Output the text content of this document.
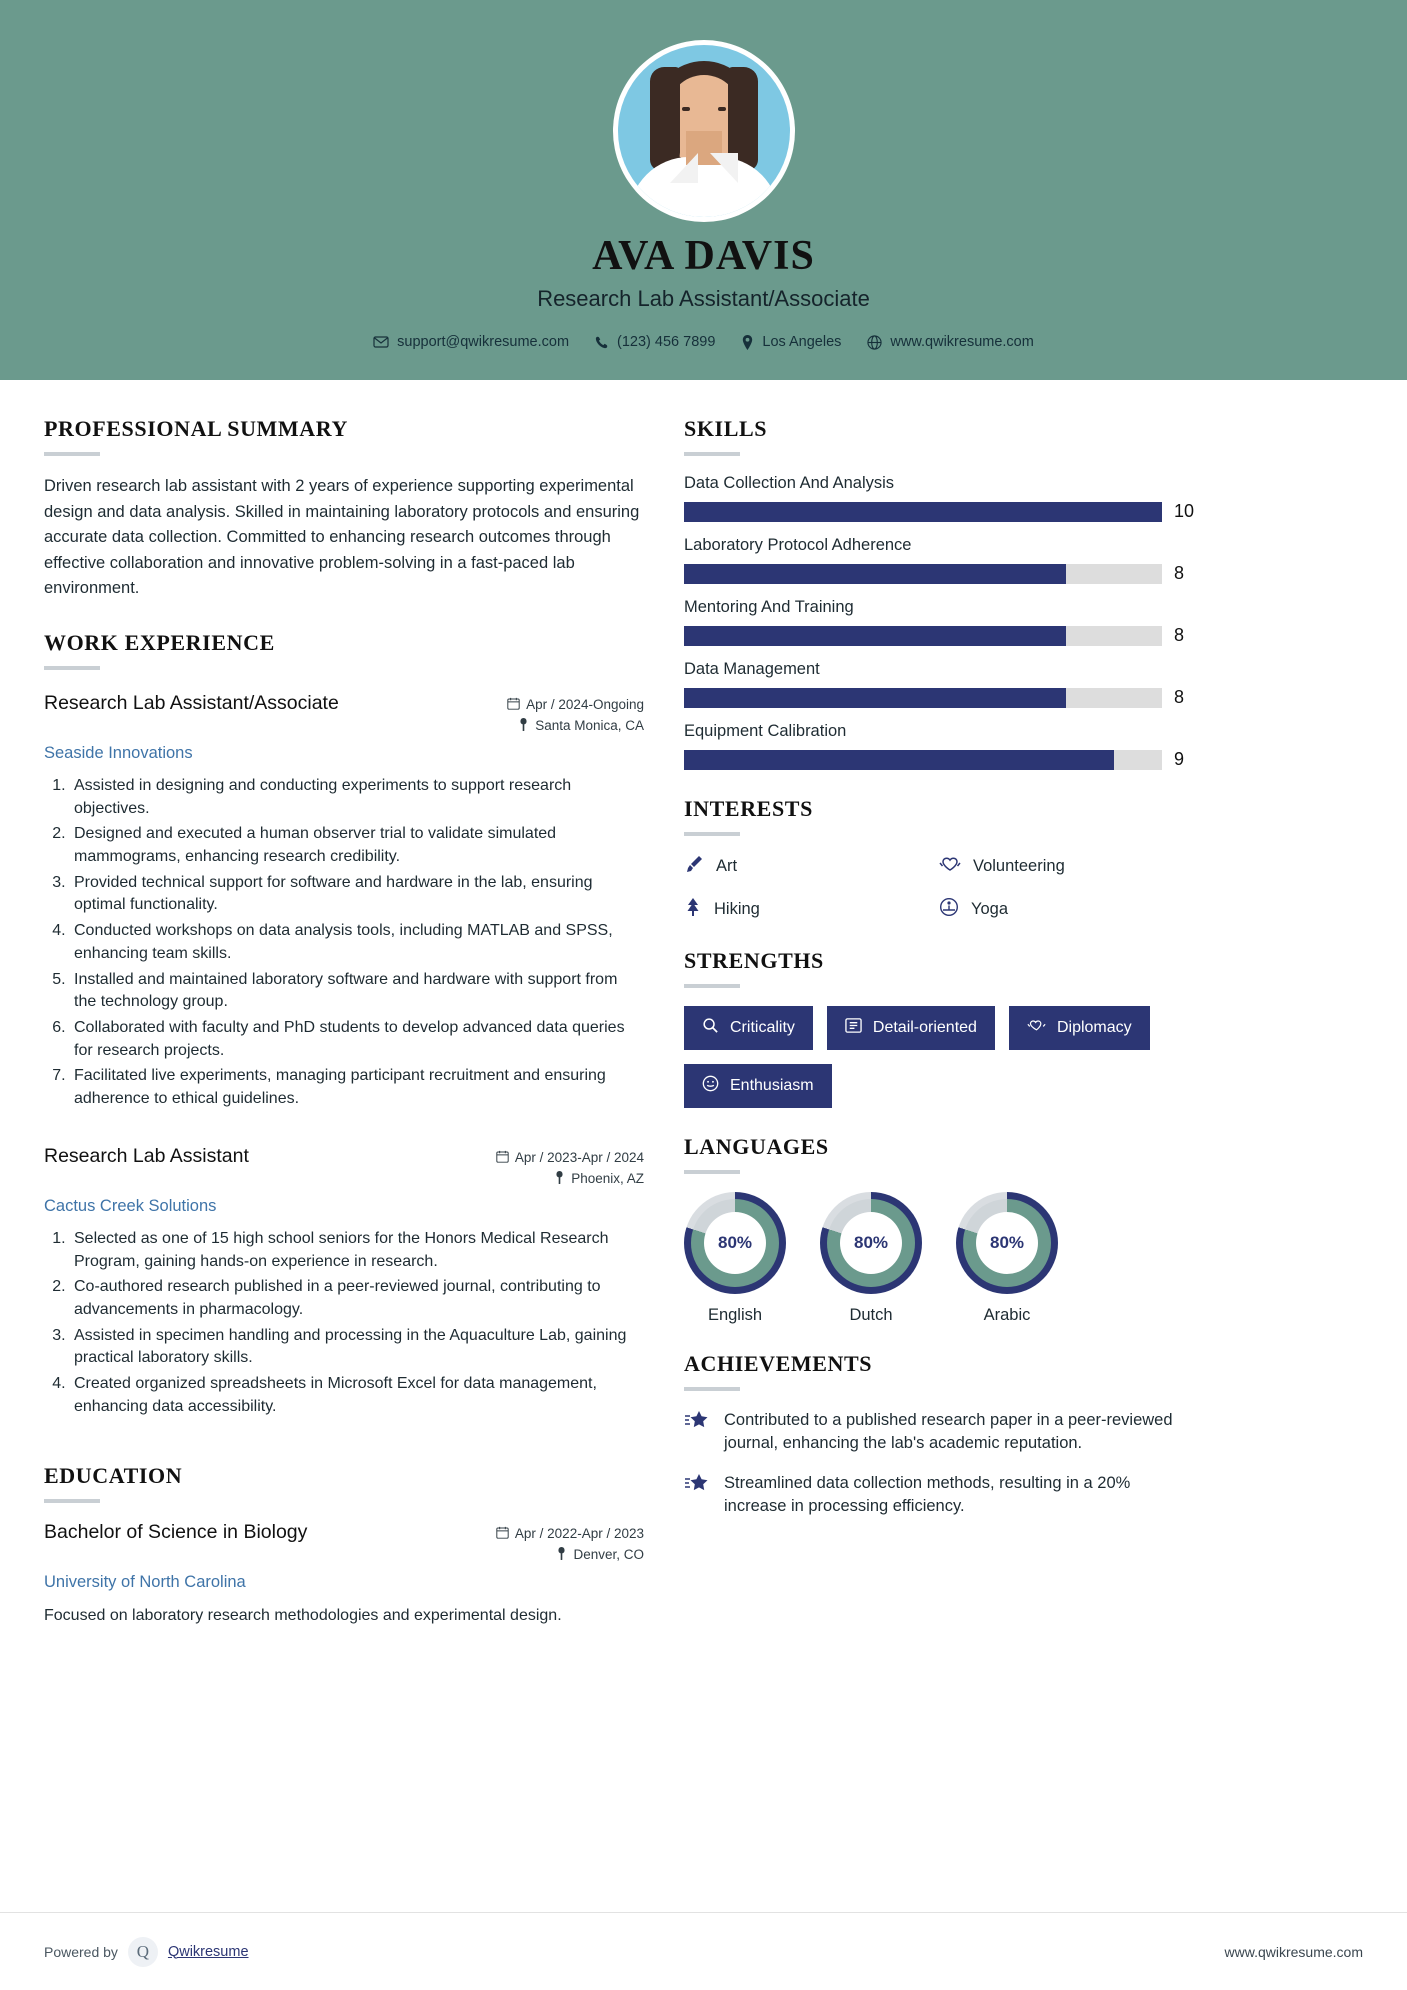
AVA DAVIS
Research Lab Assistant/Associate
support@qwikresume.com	(123) 456 7899	Los Angeles	www.qwikresume.com
PROFESSIONAL SUMMARY

Driven research lab assistant with 2 years of experience supporting experimental design and data analysis. Skilled in maintaining laboratory protocols and ensuring accurate data collection. Committed to enhancing research outcomes through effective collaboration and innovative problem-solving in a fast-paced lab environment.

WORK EXPERIENCE
Research Lab Assistant/Associate	Apr / 2024-Ongoing
Santa Monica, CA
Seaside Innovations
1. Assisted in designing and conducting experiments to support research objectives.
2. Designed and executed a human observer trial to validate simulated mammograms, enhancing research credibility.
3. Provided technical support for software and hardware in the lab, ensuring optimal functionality.
4. Conducted workshops on data analysis tools, including MATLAB and SPSS, enhancing team skills.
5. Installed and maintained laboratory software and hardware with support from the technology group.
6. Collaborated with faculty and PhD students to develop advanced data queries for research projects.
7. Facilitated live experiments, managing participant recruitment and ensuring adherence to ethical guidelines.
Research Lab Assistant	Apr / 2023-Apr / 2024
Phoenix, AZ
Cactus Creek Solutions
1. Selected as one of 15 high school seniors for the Honors Medical Research Program, gaining hands-on experience in research.
2. Co-authored research published in a peer-reviewed journal, contributing to advancements in pharmacology.
3. Assisted in specimen handling and processing in the Aquaculture Lab, gaining practical laboratory skills.
4. Created organized spreadsheets in Microsoft Excel for data management, enhancing data accessibility.
EDUCATION
Bachelor of Science in Biology	Apr / 2022-Apr / 2023
Denver, CO
University of North Carolina

Focused on laboratory research methodologies and experimental design.

SKILLS
Data Collection And Analysis
10
Laboratory Protocol Adherence
8
Mentoring And Training
8
Data Management
8
Equipment Calibration
9
INTERESTS
Art	Volunteering
Hiking	Yoga
STRENGTHS
Criticality	Detail-oriented	Diplomacy
Enthusiasm
LANGUAGES
80%
English
80%
Dutch
80%
Arabic
ACHIEVEMENTS
Contributed to a published research paper in a peer-reviewed journal, enhancing the lab's academic reputation.
Streamlined data collection methods, resulting in a 20% increase in processing efficiency.
Powered by	Q	Qwikresume	www.qwikresume.com
